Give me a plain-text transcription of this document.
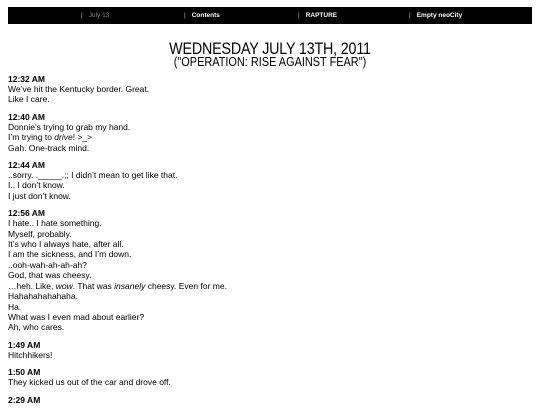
| July 13	| Contents	| RAPTURE	| Empty neoCity
WEDNESDAY JULY 13TH, 2011
("OPERATION: RISE AGAINST FEAR")
12:32 AM
We’ve hit the Kentucky border. Great.
Like I care.
12:40 AM
Donnie’s trying to grab my hand.
I’m trying to drive! >_>
Gah. One-track mind.
12:44 AM
..sorry. ._____.;; I didn’t mean to get like that.
I.. I don’t know.
I just don’t know.
12:56 AM
I hate.. I hate something.
Myself, probably.
It’s who I always hate, after all.
I am the sickness, and I’m down.
..ooh-wah-ah-ah-ah?
God, that was cheesy.
…heh. Like, wow. That was insanely cheesy. Even for me.
Hahahahahahaha.
Ha.
What was I even mad about earlier?
Ah, who cares.
1:49 AM
Hitchhikers!
1:50 AM
They kicked us out of the car and drove off.
2:29 AM
